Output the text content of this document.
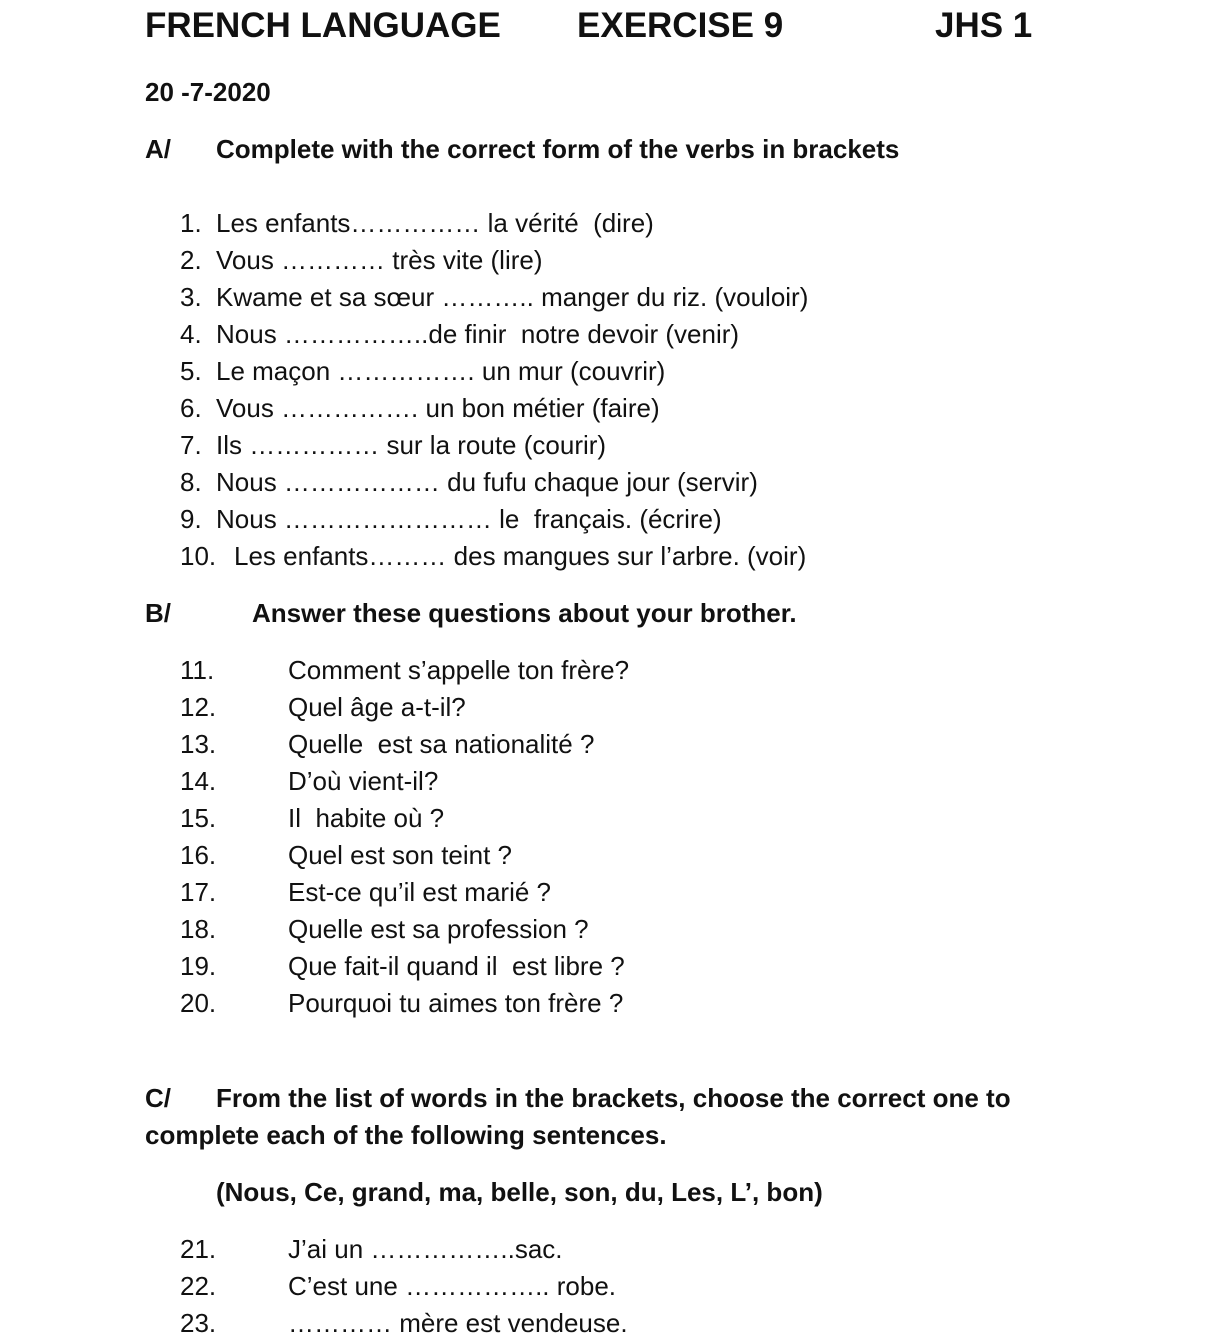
FRENCH LANGUAGE EXERCISE 9	JHS 1
20 -7-2020
A/ Complete with the correct form of the verbs in brackets
1. Les enfants…………… la vérité  (dire)
2. Vous ………… très vite (lire)
3. Kwame et sa sœur ……….. manger du riz. (vouloir)
4. Nous ……………..de finir  notre devoir (venir)
5. Le maçon ……………. un mur (couvrir)
6. Vous ……………. un bon métier (faire)
7. Ils …………… sur la route (courir)
8. Nous ……………… du fufu chaque jour (servir)
9. Nous …………………… le  français. (écrire)
10. Les enfants……… des mangues sur l’arbre. (voir)
B/	Answer these questions about your brother.
11.	Comment s’appelle ton frère?
12.	Quel âge a-t-il?
13.	Quelle  est sa nationalité ?
14.	D’où vient-il?
15.	Il  habite où ?
16.	Quel est son teint ?
17.	Est-ce qu’il est marié ?
18.	Quelle est sa profession ?
19.	Que fait-il quand il  est libre ?
20.	Pourquoi tu aimes ton frère ?
C/ From the list of words in the brackets, choose the correct one to
complete each of the following sentences.
(Nous, Ce, grand, ma, belle, son, du, Les, L’, bon)
21.	J’ai un ……………..sac.
22.	C’est une …………….. robe.
23.	………… mère est vendeuse.
